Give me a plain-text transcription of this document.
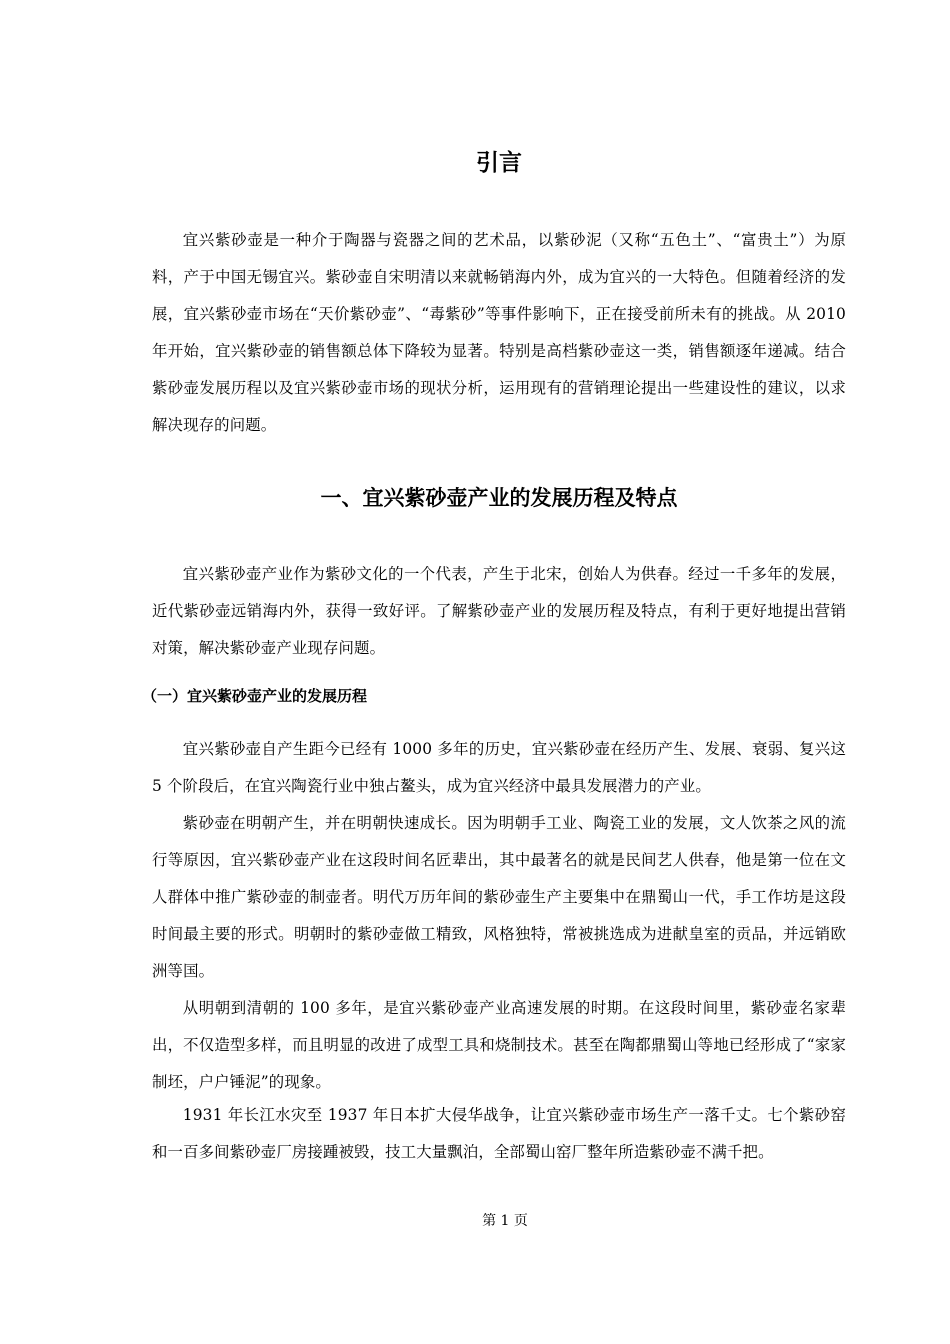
引言

宜兴紫砂壶是一种介于陶器与瓷器之间的艺术品，以紫砂泥（又称“五色土”、“富贵土”）为原料，产于中国无锡宜兴。紫砂壶自宋明清以来就畅销海内外，成为宜兴的一大特色。但随着经济的发展，宜兴紫砂壶市场在“天价紫砂壶”、“毒紫砂”等事件影响下，正在接受前所未有的挑战。从 2010 年开始，宜兴紫砂壶的销售额总体下降较为显著。特别是高档紫砂壶这一类，销售额逐年递减。结合紫砂壶发展历程以及宜兴紫砂壶市场的现状分析，运用现有的营销理论提出一些建设性的建议，以求解决现存的问题。

一、宜兴紫砂壶产业的发展历程及特点

宜兴紫砂壶产业作为紫砂文化的一个代表，产生于北宋，创始人为供春。经过一千多年的发展，近代紫砂壶远销海内外，获得一致好评。了解紫砂壶产业的发展历程及特点，有利于更好地提出营销对策，解决紫砂壶产业现存问题。

（一）宜兴紫砂壶产业的发展历程

宜兴紫砂壶自产生距今已经有 1000 多年的历史，宜兴紫砂壶在经历产生、发展、衰弱、复兴这 5 个阶段后，在宜兴陶瓷行业中独占鳌头，成为宜兴经济中最具发展潜力的产业。

紫砂壶在明朝产生，并在明朝快速成长。因为明朝手工业、陶瓷工业的发展，文人饮茶之风的流行等原因，宜兴紫砂壶产业在这段时间名匠辈出，其中最著名的就是民间艺人供春，他是第一位在文人群体中推广紫砂壶的制壶者。明代万历年间的紫砂壶生产主要集中在鼎蜀山一代，手工作坊是这段时间最主要的形式。明朝时的紫砂壶做工精致，风格独特，常被挑选成为进献皇室的贡品，并远销欧洲等国。

从明朝到清朝的 100 多年，是宜兴紫砂壶产业高速发展的时期。在这段时间里，紫砂壶名家辈出，不仅造型多样，而且明显的改进了成型工具和烧制技术。甚至在陶都鼎蜀山等地已经形成了“家家制坯，户户锤泥”的现象。

1931 年长江水灾至 1937 年日本扩大侵华战争，让宜兴紫砂壶市场生产一落千丈。七个紫砂窑和一百多间紫砂壶厂房接踵被毁，技工大量飘泊，全部蜀山窑厂整年所造紫砂壶不满千把。

第 1 页
